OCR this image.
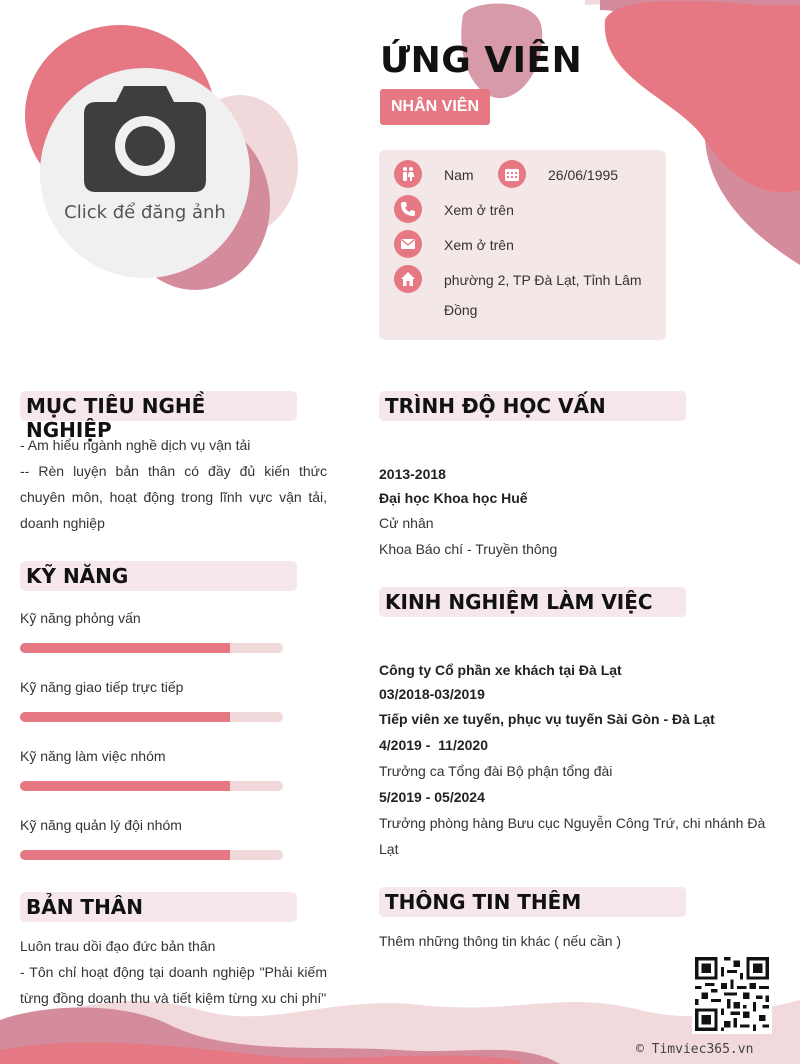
Click để đăng ảnh
ỨNG VIÊN
NHÂN VIÊN
Nam	26/06/1995
Xem ở trên
Xem ở trên
phường 2, TP Đà Lạt, Tỉnh Lâm
Đồng
MỤC TIÊU NGHỀ NGHIỆP
- Am hiểu ngành nghề dịch vụ vận tải
-- Rèn luyện bản thân có đầy đủ kiến thức chuyên môn, hoạt động trong lĩnh vực vận tải, doanh nghiệp
KỸ NĂNG
Kỹ năng phỏng vấn
Kỹ năng giao tiếp trực tiếp
Kỹ năng làm việc nhóm
Kỹ năng quản lý đội nhóm
BẢN THÂN
Luôn trau dồi đạo đức bản thân
- Tôn chỉ hoạt động tại doanh nghiệp "Phải kiếm từng đồng doanh thu và tiết kiệm từng xu chi phí"
TRÌNH ĐỘ HỌC VẤN
2013-2018
Đại học Khoa học Huế
Cử nhân
Khoa Báo chí - Truyền thông
KINH NGHIỆM LÀM VIỆC
Công ty Cổ phần xe khách tại Đà Lạt
03/2018-03/2019
Tiếp viên xe tuyến, phục vụ tuyến Sài Gòn - Đà Lạt
4/2019 -  11/2020
Trưởng ca Tổng đài Bộ phận tổng đài
5/2019 - 05/2024
Trưởng phòng hàng Bưu cục Nguyễn Công Trứ, chi nhánh Đà Lạt
THÔNG TIN THÊM
Thêm những thông tin khác ( nếu cần )
© Timviec365.vn
